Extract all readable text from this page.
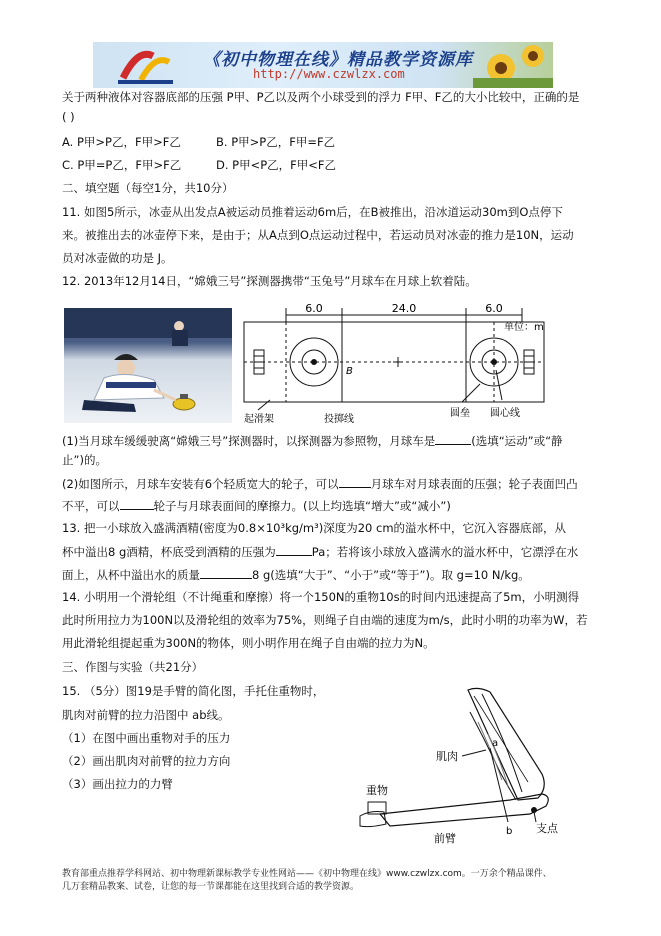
《初中物理在线》精品教学资源库
http://www.czwlzx.com
关于两种液体对容器底部的压强 P甲、P乙以及两个小球受到的浮力 F甲、F乙的大小比较中，正确的是
( )
A. P甲>P乙，F甲>F乙	B. P甲>P乙，F甲=F乙
C. P甲=P乙，F甲>F乙	D. P甲<P乙，F甲<F乙
二、填空题（每空1分，共10分）
11. 如图5所示，冰壶从出发点A被运动员推着运动6m后，在B被推出，沿冰道运动30m到O点停下
来。被推出去的冰壶停下来，是由于；从A点到O点运动过程中，若运动员对冰壶的推力是10N，运动
员对冰壶做的功是 J。
12. 2013年12月14日，“嫦娥三号”探测器携带“玉兔号”月球车在月球上软着陆。
6.0	24.0	6.0
单位：m
B
起滑架	投掷线
圆垒 圆心线
(1)当月球车缓缓驶离“嫦娥三号”探测器时，以探测器为参照物，月球车是	(选填“运动”或“静
止”)的。
(2)如图所示，月球车安装有6个轻质宽大的轮子，可以	月球车对月球表面的压强；轮子表面凹凸
不平，可以	轮子与月球表面间的摩擦力。(以上均选填“增大”或“减小”)
13. 把一小球放入盛满酒精(密度为0.8×10³kg/m³)深度为20 cm的溢水杯中，它沉入容器底部，从
杯中溢出8 g酒精，杯底受到酒精的压强为	Pa；若将该小球放入盛满水的溢水杯中，它漂浮在水
面上，从杯中溢出水的质量	8 g(选填“大于”、“小于”或“等于”)。取 g=10 N/kg。
14. 小明用一个滑轮组（不计绳重和摩擦）将一个150N的重物10s的时间内迅速提高了5m，小明测得
此时所用拉力为100N以及滑轮组的效率为75%，则绳子自由端的速度为m/s，此时小明的功率为W，若
用此滑轮组提起重为300N的物体，则小明作用在绳子自由端的拉力为N。
三、作图与实验（共21分）
15. （5分）图19是手臂的简化图，手托住重物时，
肌肉对前臂的拉力沿图中 ab线。
（1）在图中画出重物对手的压力
（2）画出肌肉对前臂的拉力方向
（3）画出拉力的力臂	重物
肌肉
前臂
支点
a
b
教育部重点推荐学科网站、初中物理新课标教学专业性网站——《初中物理在线》www.czwlzx.com。一万余个精品课件、
几万套精品教案、试卷，让您的每一节课都能在这里找到合适的教学资源。
